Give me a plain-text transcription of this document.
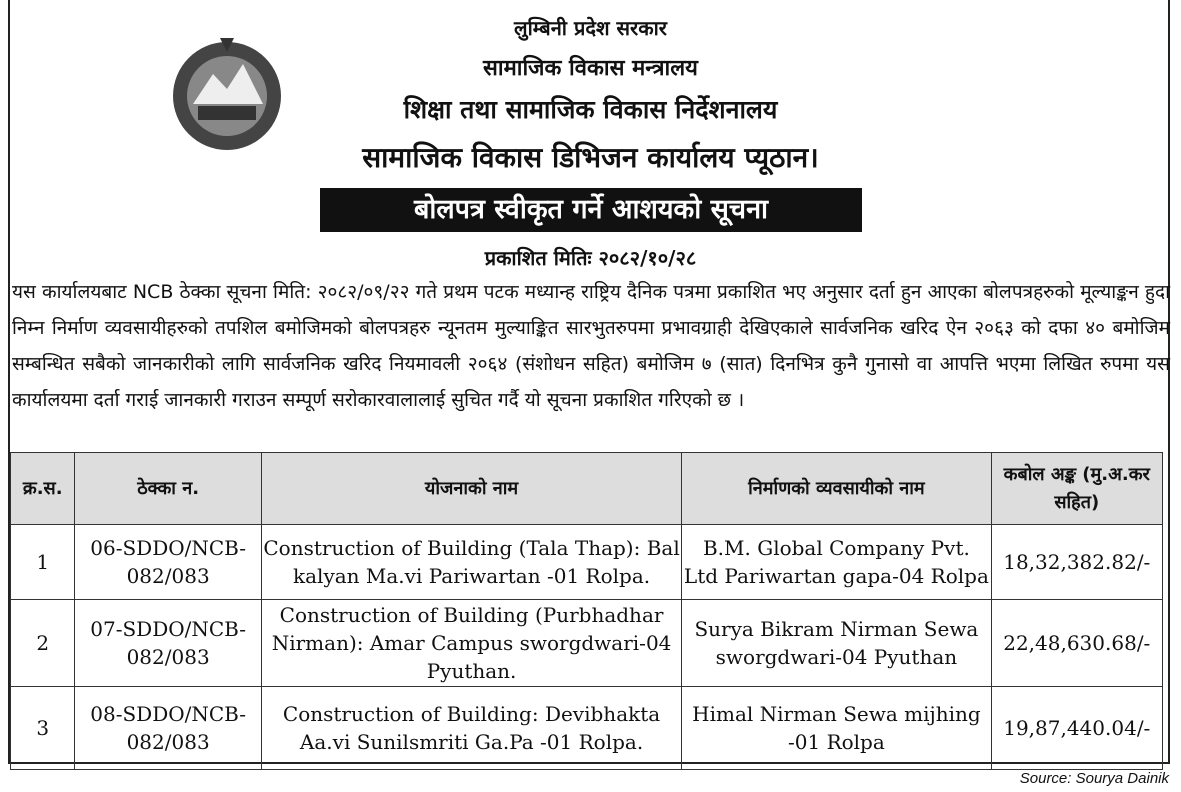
लुम्बिनी प्रदेश सरकार
सामाजिक विकास मन्त्रालय
शिक्षा तथा सामाजिक विकास निर्देशनालय
सामाजिक विकास डिभिजन कार्यालय प्यूठान।
बोलपत्र स्वीकृत गर्ने आशयको सूचना
प्रकाशित मितिः २०८२/१०/२८
यस कार्यालयबाट NCB ठेक्का सूचना मिति: २०८२/०९/२२ गते प्रथम पटक मध्यान्ह राष्ट्रिय दैनिक पत्रमा प्रकाशित भए अनुसार दर्ता हुन आएका बोलपत्रहरुको मूल्याङ्कन हुदा निम्न निर्माण व्यवसायीहरुको तपशिल बमोजिमको बोलपत्रहरु न्यूनतम मुल्याङ्कित सारभुतरुपमा प्रभावग्राही देखिएकाले सार्वजनिक खरिद ऐन २०६३ को दफा ४० बमोजिम सम्बन्धित सबैको जानकारीको लागि सार्वजनिक खरिद नियमावली २०६४ (संशोधन सहित) बमोजिम ७ (सात) दिनभित्र कुनै गुनासो वा आपत्ति भएमा लिखित रुपमा यस कार्यालयमा दर्ता गराई जानकारी गराउन सम्पूर्ण सरोकारवालालाई सुचित गर्दै यो सूचना प्रकाशित गरिएको छ ।
क्र.स.	ठेक्का न.	योजनाको नाम	निर्माणको व्यवसायीको नाम	कबोल अङ्क (मु.अ.कर सहित)
1	06-SDDO/NCB-082/083	Construction of Building (Tala Thap): Bal kalyan Ma.vi Pariwartan -01 Rolpa.	B.M. Global Company Pvt. Ltd Pariwartan gapa-04 Rolpa	18,32,382.82/-
2	07-SDDO/NCB-082/083	Construction of Building (Purbhadhar Nirman): Amar Campus sworgdwari-04 Pyuthan.	Surya Bikram Nirman Sewa sworgdwari-04 Pyuthan	22,48,630.68/-
3	08-SDDO/NCB-082/083	Construction of Building: Devibhakta Aa.vi Sunilsmriti Ga.Pa -01 Rolpa.	Himal Nirman Sewa mijhing -01 Rolpa	19,87,440.04/-
Source: Sourya Dainik
